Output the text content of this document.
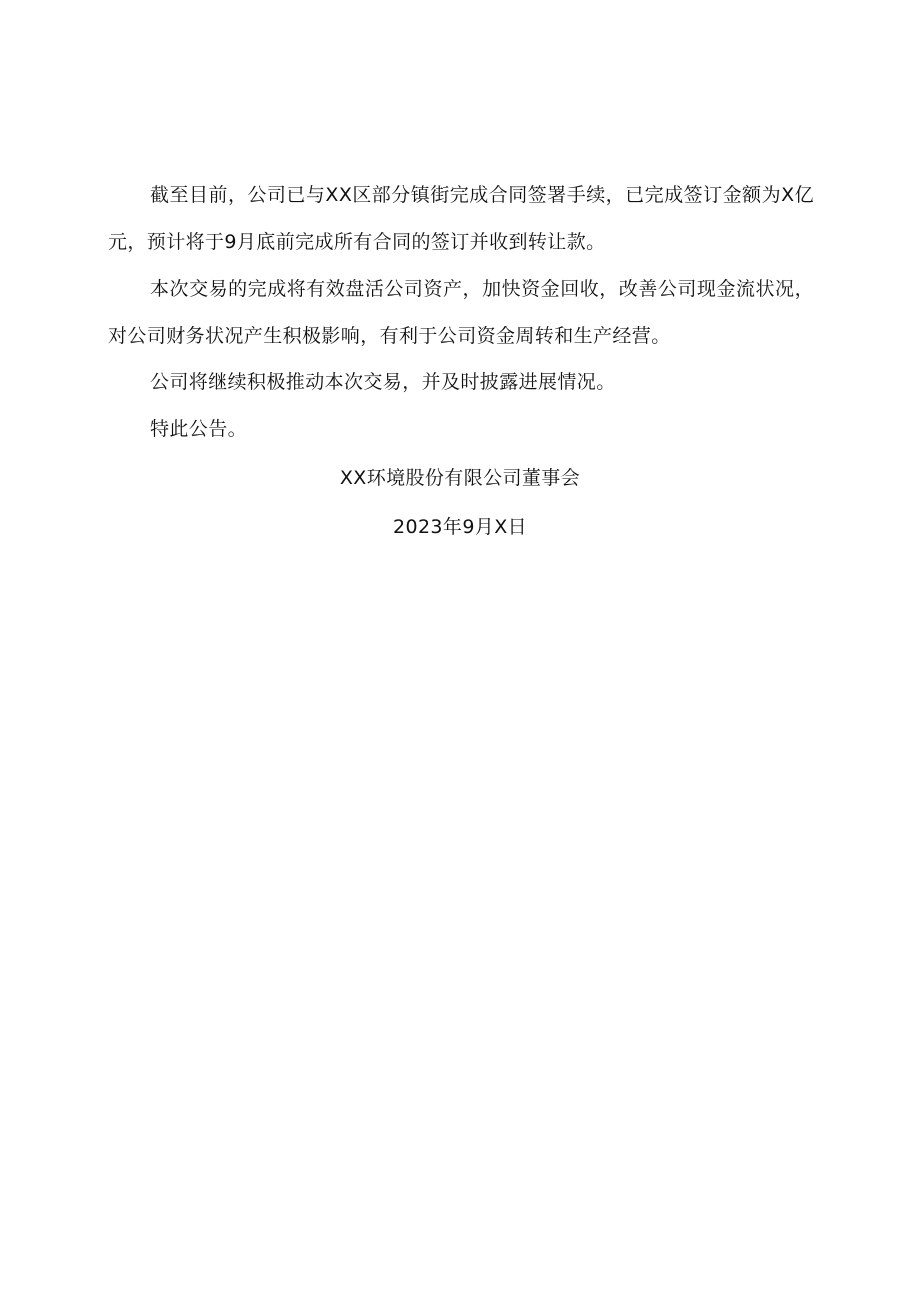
截至目前，公司已与XX区部分镇街完成合同签署手续，已完成签订金额为X亿元，预计将于9月底前完成所有合同的签订并收到转让款。

本次交易的完成将有效盘活公司资产，加快资金回收，改善公司现金流状况，对公司财务状况产生积极影响，有利于公司资金周转和生产经营。

公司将继续积极推动本次交易，并及时披露进展情况。

特此公告。

XX环境股份有限公司董事会

2023年9月X日
